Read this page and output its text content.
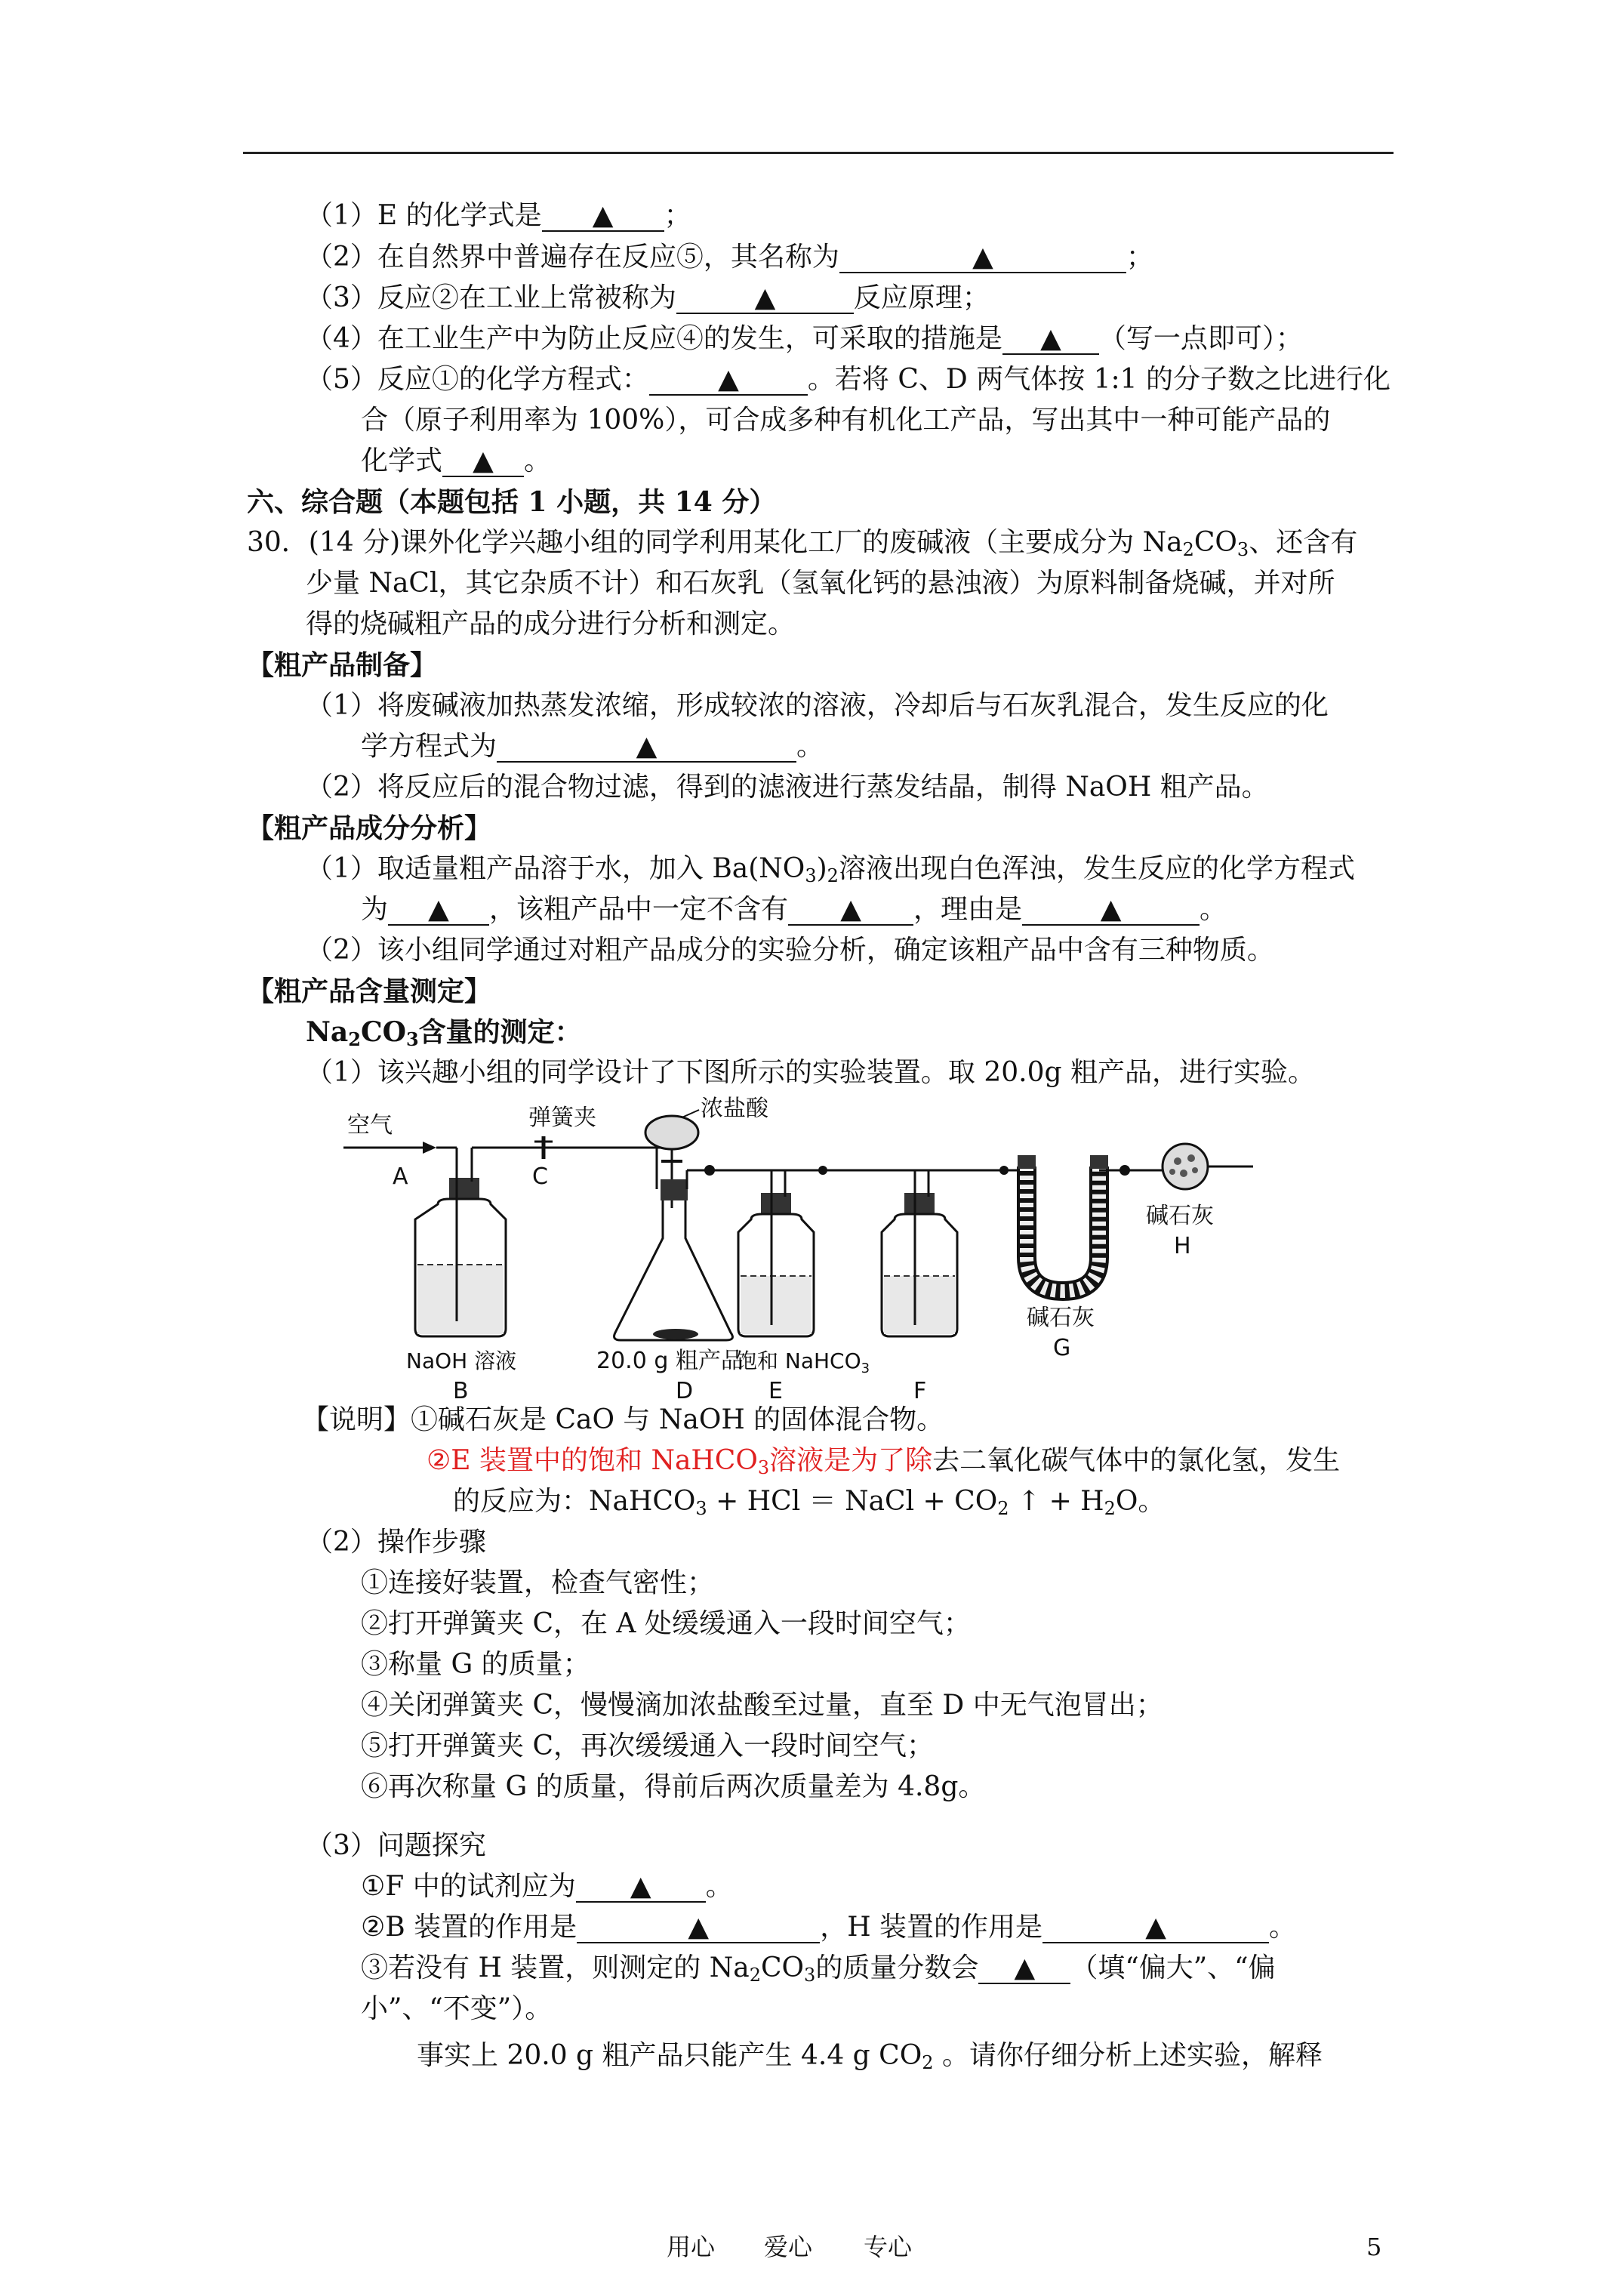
（1）E 的化学式是 ▲ ；
（2）在自然界中普遍存在反应⑤，其名称为	▲	；
（3）反应②在工业上常被称为	▲	反应原理；
（4）在工业生产中为防止反应④的发生，可采取的措施是 ▲ （写一点即可）；
（5）反应①的化学方程式：	▲	。若将 C、D 两气体按 1:1 的分子数之比进行化
合（原子利用率为 100%），可合成多种有机化工产品，写出其中一种可能产品的
化学式 ▲ 。
六、综合题（本题包括 1 小题，共 14 分）
30．(14 分)课外化学兴趣小组的同学利用某化工厂的废碱液（主要成分为 $Na_2CO_3$、还含有
少量 NaCl，其它杂质不计）和石灰乳（氢氧化钙的悬浊液）为原料制备烧碱，并对所
得的烧碱粗产品的成分进行分析和测定。
【粗产品制备】
（1）将废碱液加热蒸发浓缩，形成较浓的溶液，冷却后与石灰乳混合，发生反应的化
学方程式为	▲	。
（2）将反应后的混合物过滤，得到的滤液进行蒸发结晶，制得 NaOH 粗产品。
【粗产品成分分析】
（1）取适量粗产品溶于水，加入 $Ba(NO_3)_2$溶液出现白色浑浊，发生反应的化学方程式
为 ▲ ，该粗产品中一定不含有 ▲ ，理由是	▲	。
（2）该小组同学通过对粗产品成分的实验分析，确定该粗产品中含有三种物质。
【粗产品含量测定】
$Na_2CO_3$含量的测定：
（1）该兴趣小组的同学设计了下图所示的实验装置。取 20.0g 粗产品，进行实验。
空气
A
弹簧夹
C
浓盐酸
碱石灰
H
碱石灰
G
NaOH 溶液
B
20.0 g 粗产品
D
饱和 NaHCO$_3$
E	F
【说明】①碱石灰是 CaO 与 NaOH 的固体混合物。
②E 装置中的饱和 NaHCO$_3$溶液是为了除去二氧化碳气体中的氯化氢，发生
的反应为：NaHCO$_3$ + HCl ＝ NaCl + $CO_2$ ↑ + $H_2O$。
（2）操作步骤
①连接好装置，检查气密性；
②打开弹簧夹 C，在 A 处缓缓通入一段时间空气；
③称量 G 的质量；
④关闭弹簧夹 C，慢慢滴加浓盐酸至过量，直至 D 中无气泡冒出；
⑤打开弹簧夹 C，再次缓缓通入一段时间空气；
⑥再次称量 G 的质量，得前后两次质量差为 4.8g。
（3）问题探究
①F 中的试剂应为 ▲ 。
②B 装置的作用是	▲	，H 装置的作用是	▲	。
③若没有 H 装置，则测定的 $Na_2CO_3$的质量分数会 ▲ （填“偏大”、“偏
小”、“不变”）。
事实上 20.0 g 粗产品只能产生 4.4 g $CO_2$ 。请你仔细分析上述实验，解释
用心 爱心 专心	5
